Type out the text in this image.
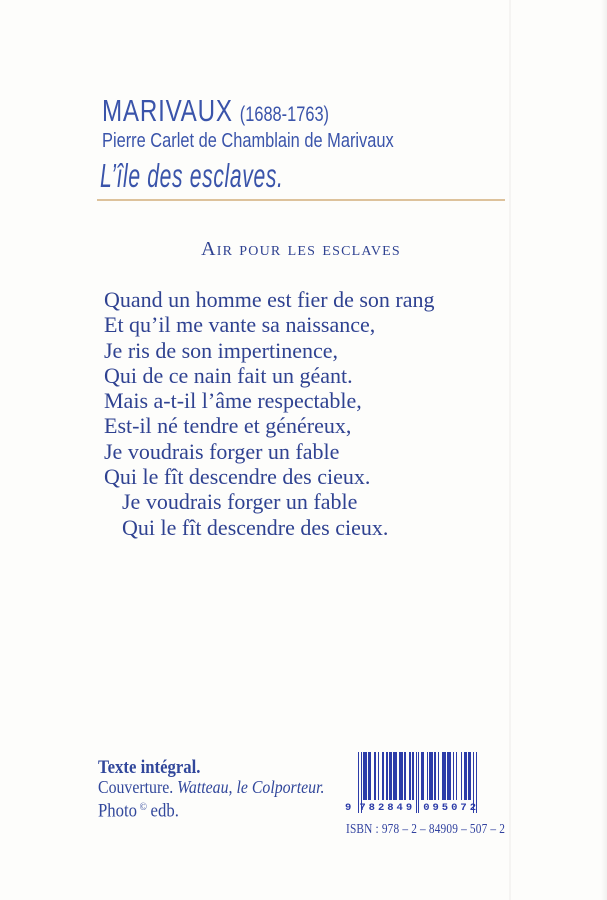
MARIVAUX (1688-1763)
Pierre Carlet de Chamblain de Marivaux
L’île des esclaves.
Air pour les esclaves
Quand un homme est fier de son rang
Et qu’il me vante sa naissance,
Je ris de son impertinence,
Qui de ce nain fait un géant.
Mais a-t-il l’âme respectable,
Est-il né tendre et généreux,
Je voudrais forger un fable
Qui le fît descendre des cieux.
Je voudrais forger un fable
Qui le fît descendre des cieux.
Texte intégral.
Couverture. Watteau, le Colporteur.
Photo © edb.	9 782849 095072
ISBN : 978 – 2 – 84909 – 507 – 2
